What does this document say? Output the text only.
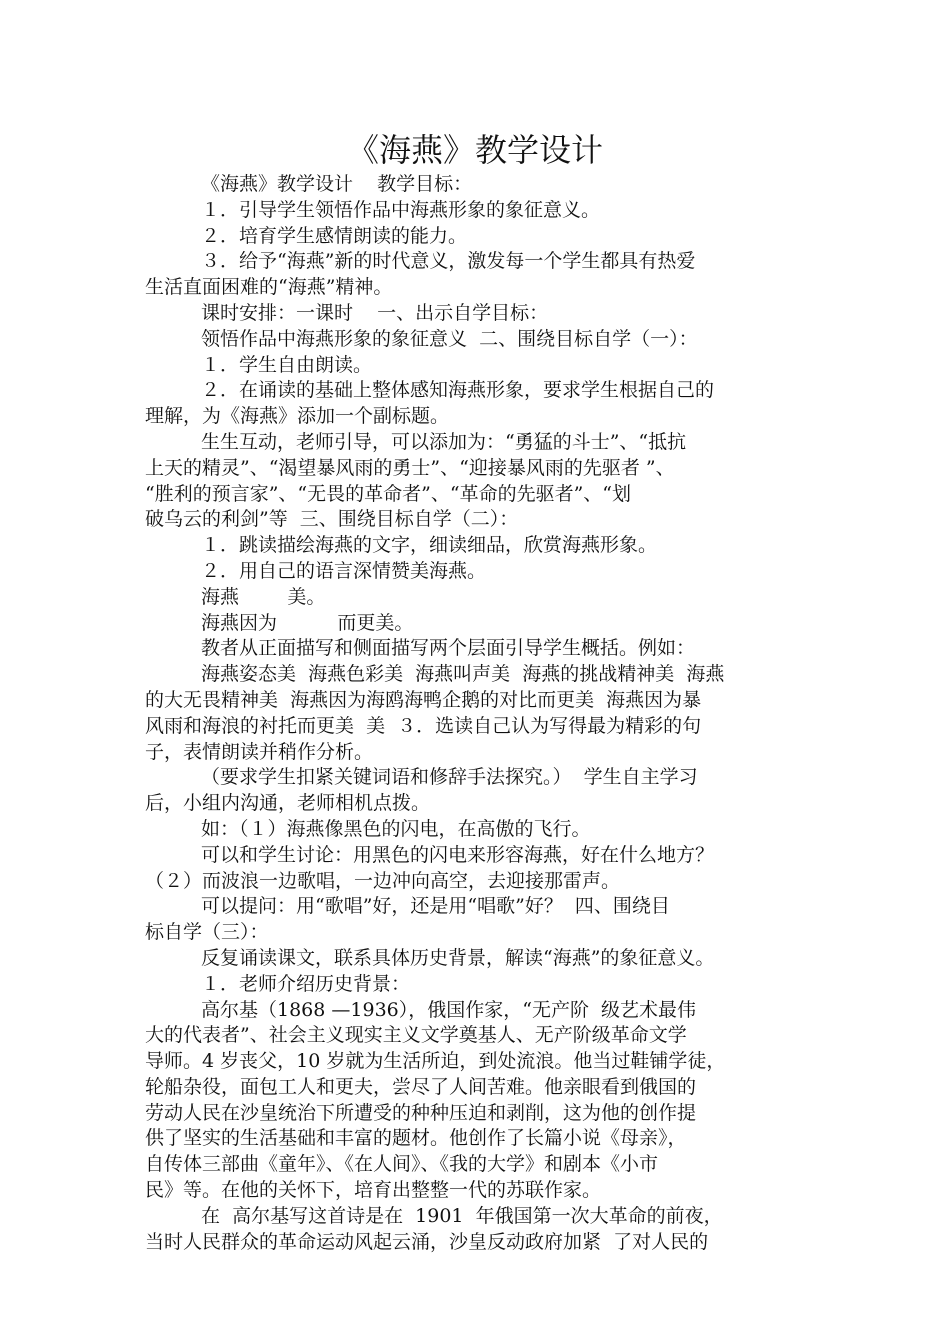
《海燕》教学设计
《海燕》教学设计    教学目标：
１．引导学生领悟作品中海燕形象的象征意义。
２．培育学生感情朗读的能力。
３．给予“海燕”新的时代意义，激发每一个学生都具有热爱
生活直面困难的“海燕”精神。
课时安排：一课时    一、出示自学目标：
领悟作品中海燕形象的象征意义  二、围绕目标自学（一）：
１．学生自由朗读。
２．在诵读的基础上整体感知海燕形象，要求学生根据自己的
理解，为《海燕》添加一个副标题。
生生互动，老师引导，可以添加为：“勇猛的斗士”、“抵抗
上天的精灵”、“渴望暴风雨的勇士”、“迎接暴风雨的先驱者 ”、
“胜利的预言家”、“无畏的革命者”、“革命的先驱者”、“划
破乌云的利剑”等  三、围绕目标自学（二）：
１．跳读描绘海燕的文字，细读细品，欣赏海燕形象。
２．用自己的语言深情赞美海燕。
海燕        美。
海燕因为          而更美。
教者从正面描写和侧面描写两个层面引导学生概括。例如：
海燕姿态美  海燕色彩美  海燕叫声美  海燕的挑战精神美  海燕
的大无畏精神美  海燕因为海鸥海鸭企鹅的对比而更美  海燕因为暴
风雨和海浪的衬托而更美  美  ３．选读自己认为写得最为精彩的句
子，表情朗读并稍作分析。
（要求学生扣紧关键词语和修辞手法探究。）  学生自主学习
后，小组内沟通，老师相机点拨。
如：（１）海燕像黑色的闪电，在高傲的飞行。
可以和学生讨论：用黑色的闪电来形容海燕，好在什么地方？
（２）而波浪一边歌唱，一边冲向高空，去迎接那雷声。
可以提问：用“歌唱”好，还是用“唱歌”好？  四、围绕目
标自学（三）：
反复诵读课文，联系具体历史背景，解读“海燕”的象征意义。
１．老师介绍历史背景：
高尔基（1868 —1936），俄国作家，“无产阶  级艺术最伟
大的代表者”、社会主义现实主义文学奠基人、无产阶级革命文学
导师。4 岁丧父，10 岁就为生活所迫，到处流浪。他当过鞋铺学徒，
轮船杂役，面包工人和更夫，尝尽了人间苦难。他亲眼看到俄国的
劳动人民在沙皇统治下所遭受的种种压迫和剥削，这为他的创作提
供了坚实的生活基础和丰富的题材。他创作了长篇小说《母亲》，
自传体三部曲《童年》、《在人间》、《我的大学》和剧本《小市
民》等。在他的关怀下，培育出整整一代的苏联作家。
在  高尔基写这首诗是在  1901  年俄国第一次大革命的前夜，
当时人民群众的革命运动风起云涌，沙皇反动政府加紧  了对人民的
